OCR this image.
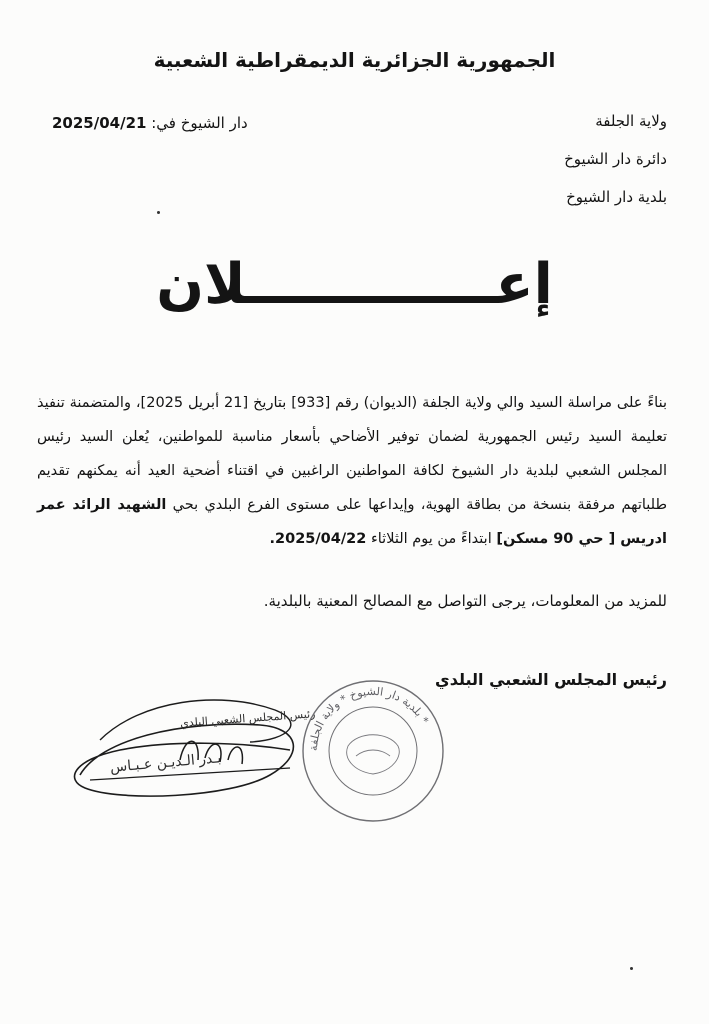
الجمهورية الجزائرية الديمقراطية الشعبية
ولاية الجلفة
دائرة دار الشيوخ
بلدية دار الشيوخ
دار الشيوخ في: 2025/04/21
إعـــــــــــــلان

بناءً على مراسلة السيد والي ولاية الجلفة (الديوان) رقم [933] بتاريخ [21 أبريل 2025]، والمتضمنة تنفيذ تعليمة السيد رئيس الجمهورية لضمان توفير الأضاحي بأسعار مناسبة للمواطنين، يُعلن السيد رئيس المجلس الشعبي لبلدية دار الشيوخ لكافة المواطنين الراغبين في اقتناء أضحية العيد أنه يمكنهم تقديم طلباتهم مرفقة بنسخة من بطاقة الهوية، وإيداعها على مستوى الفرع البلدي بحي الشهيد الرائد عمر ادريس [ حي 90 مسكن] ابتداءً من يوم الثلاثاء 2025/04/22.

للمزيد من المعلومات، يرجى التواصل مع المصالح المعنية بالبلدية.
رئيس المجلس الشعبي البلدي
رئيس المجلس الشعبي البلدي
بـدر الـديـن عـبـاس
بلدية دار الشيوخ * ولاية الجلفة *
